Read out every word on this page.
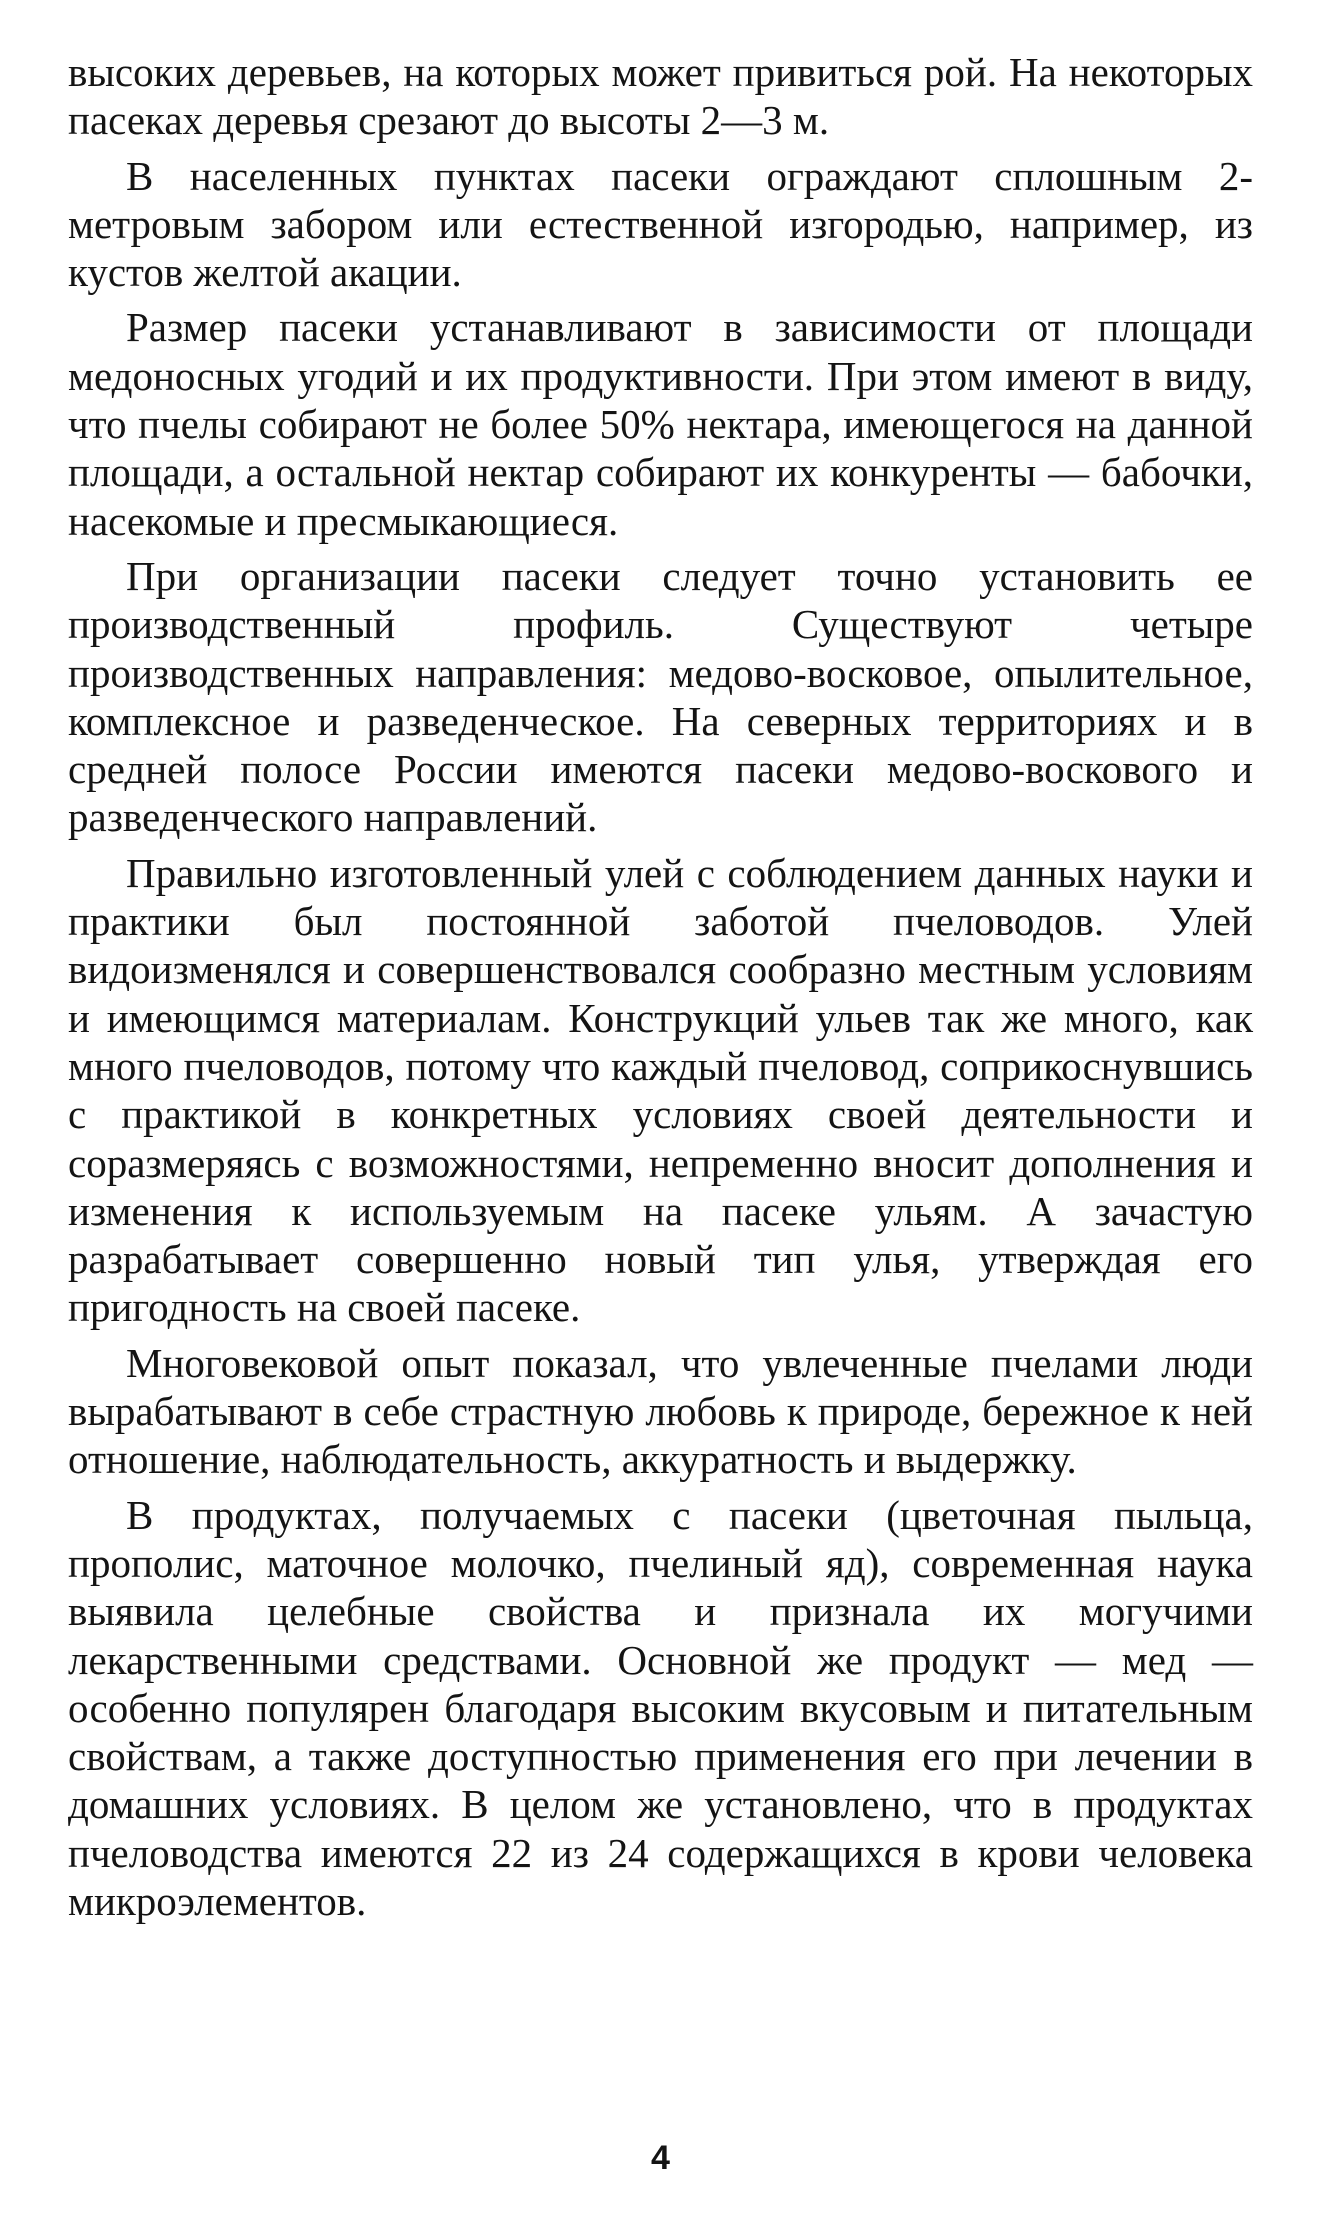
высоких деревьев, на которых может привиться рой. На некоторых пасеках деревья срезают до высоты 2—3 м.

В населенных пунктах пасеки ограждают сплошным 2-метровым забором или естественной изгородью, например, из кустов желтой акации.

Размер пасеки устанавливают в зависимости от площади медоносных угодий и их продуктивности. При этом имеют в виду, что пчелы собирают не более 50% нектара, имеющегося на данной площади, а остальной нектар собирают их конкуренты — бабочки, насекомые и пресмыкающиеся.

При организации пасеки следует точно установить ее производственный профиль. Существуют четыре производственных направления: медово-восковое, опылительное, комплексное и разведенческое. На северных территориях и в средней полосе России имеются пасеки медово-воскового и разведенческого направлений.

Правильно изготовленный улей с соблюдением данных науки и практики был постоянной заботой пчеловодов. Улей видоизменялся и совершенствовался сообразно местным условиям и имеющимся материалам. Конструкций ульев так же много, как много пчеловодов, потому что каждый пчеловод, соприкоснувшись с практикой в конкретных условиях своей деятельности и соразмеряясь с возможностями, непременно вносит дополнения и изменения к используемым на пасеке ульям. А зачастую разрабатывает совершенно новый тип улья, утверждая его пригодность на своей пасеке.

Многовековой опыт показал, что увлеченные пчелами люди вырабатывают в себе страстную любовь к природе, бережное к ней отношение, наблюдательность, аккуратность и выдержку.

В продуктах, получаемых с пасеки (цветочная пыльца, прополис, маточное молочко, пчелиный яд), современная наука выявила целебные свойства и признала их могучими лекарственными средствами. Основной же продукт — мед — особенно популярен благодаря высоким вкусовым и питательным свойствам, а также доступностью применения его при лечении в домашних условиях. В целом же установлено, что в продуктах пчеловодства имеются 22 из 24 содержащихся в крови человека микроэлементов.

4
